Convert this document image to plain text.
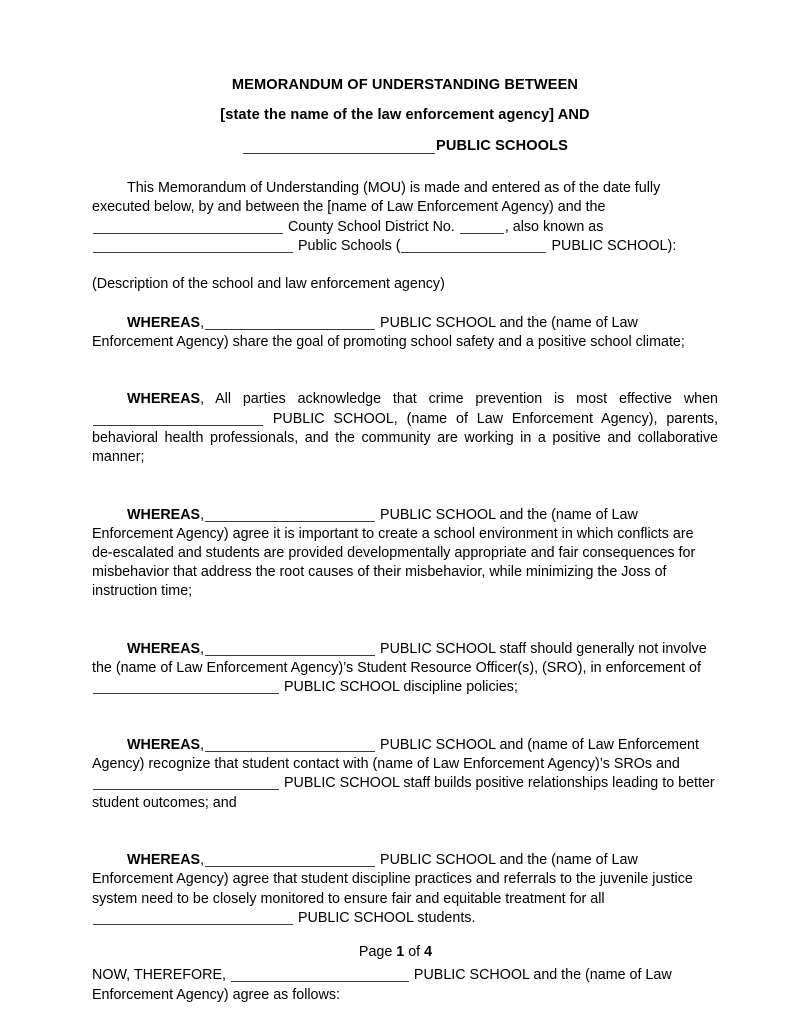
MEMORANDUM OF UNDERSTANDING BETWEEN
[state the name of the law enforcement agency] AND
PUBLIC SCHOOLS

This Memorandum of Understanding (MOU) is made and entered as of the date fully executed below, by and between the [name of Law Enforcement Agency) and the  County School District No.	, also known as  Public Schools (	PUBLIC SCHOOL):

(Description of the school and law enforcement agency)

WHEREAS,	PUBLIC SCHOOL and the (name of Law Enforcement Agency) share the goal of promoting school safety and a positive school climate;

WHEREAS, All parties acknowledge that crime prevention is most effective when  PUBLIC SCHOOL, (name of Law Enforcement Agency), parents, behavioral health professionals, and the community are working in a positive and collaborative manner;

WHEREAS,	PUBLIC SCHOOL and the (name of Law Enforcement Agency) agree it is important to create a school environment in which conflicts are de-escalated and students are provided developmentally appropriate and fair consequences for misbehavior that address the root causes of their misbehavior, while minimizing the Joss of instruction time;

WHEREAS,	PUBLIC SCHOOL staff should generally not involve the (name of Law Enforcement Agency)’s Student Resource Officer(s), (SRO), in enforcement of  PUBLIC SCHOOL discipline policies;

WHEREAS,	PUBLIC SCHOOL and (name of Law Enforcement Agency) recognize that student contact with (name of Law Enforcement Agency)’s SROs and  PUBLIC SCHOOL staff builds positive relationships leading to better student outcomes; and

WHEREAS,	PUBLIC SCHOOL and the (name of Law Enforcement Agency) agree that student discipline practices and referrals to the juvenile justice system need to be closely monitored to ensure fair and equitable treatment for all  PUBLIC SCHOOL students.

NOW, THEREFORE,	PUBLIC SCHOOL and the (name of Law Enforcement Agency) agree as follows:

Page 1 of 4
